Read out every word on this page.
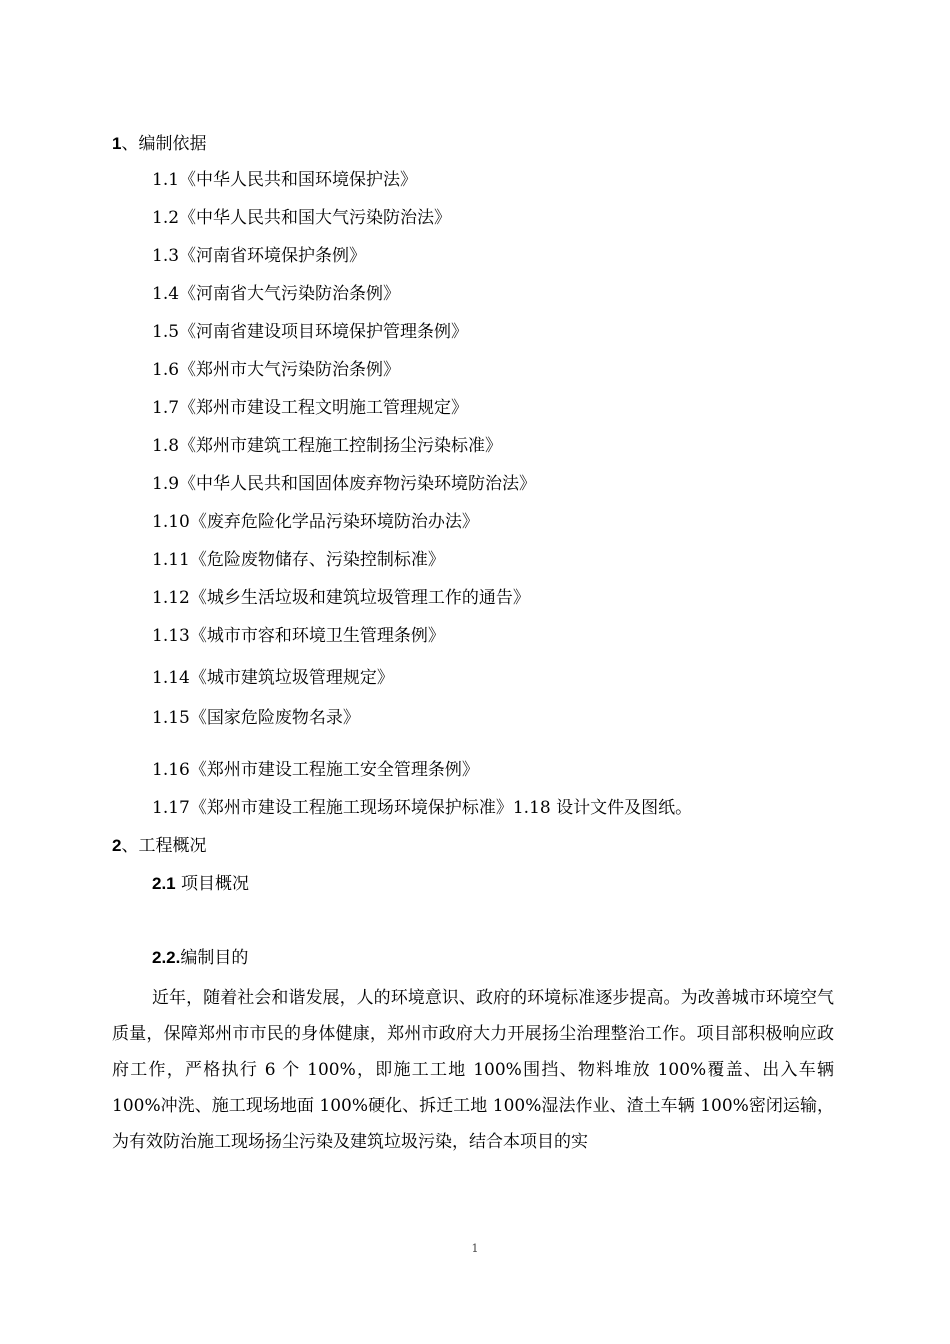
1、编制依据
1.1《中华人民共和国环境保护法》
1.2《中华人民共和国大气污染防治法》
1.3《河南省环境保护条例》
1.4《河南省大气污染防治条例》
1.5《河南省建设项目环境保护管理条例》
1.6《郑州市大气污染防治条例》
1.7《郑州市建设工程文明施工管理规定》
1.8《郑州市建筑工程施工控制扬尘污染标准》
1.9《中华人民共和国固体废弃物污染环境防治法》
1.10《废弃危险化学品污染环境防治办法》
1.11《危险废物储存、污染控制标准》
1.12《城乡生活垃圾和建筑垃圾管理工作的通告》
1.13《城市市容和环境卫生管理条例》
1.14《城市建筑垃圾管理规定》
1.15《国家危险废物名录》
1.16《郑州市建设工程施工安全管理条例》
1.17《郑州市建设工程施工现场环境保护标准》1.18 设计文件及图纸。
2、工程概况
2.1 项目概况
2.2.编制目的
近年，随着社会和谐发展，人的环境意识、政府的环境标准逐步提高。为改善城市环境空气质量，保障郑州市市民的身体健康，郑州市政府大力开展扬尘治理整治工作。项目部积极响应政府工作，严格执行 6 个 100%，即施工工地 100%围挡、物料堆放 100%覆盖、出入车辆 100%冲洗、施工现场地面 100%硬化、拆迁工地 100%湿法作业、渣土车辆 100%密闭运输，为有效防治施工现场扬尘污染及建筑垃圾污染，结合本项目的实
1
